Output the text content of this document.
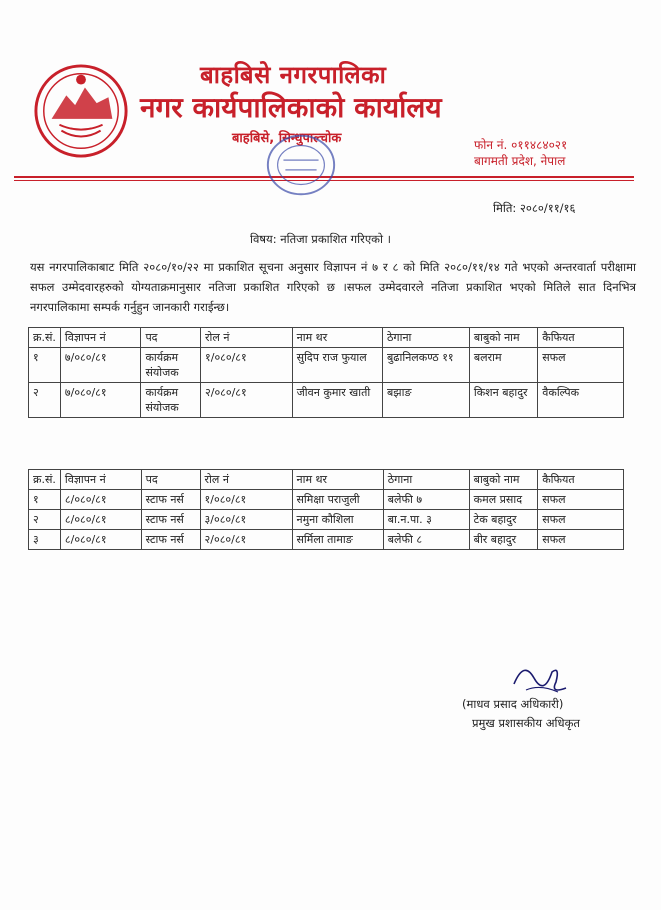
बाहबिसे नगरपालिका
नगर कार्यपालिकाको कार्यालय
बाहबिसे, सिन्धुपाल्चोक	फोन नं. ०११४८४०२१
बागमती प्रदेश, नेपाल
मिति: २०८०/११/१६
विषय: नतिजा प्रकाशित गरिएको ।
यस नगरपालिकाबाट मिति २०८०/१०/२२ मा प्रकाशित सूचना अनुसार विज्ञापन नं ७ र ८ को मिति २०८०/११/१४ गते भएको अन्तरवार्ता परीक्षामा सफल उम्मेदवारहरुको योग्यताक्रमानुसार नतिजा प्रकाशित गरिएको छ ।सफल उम्मेदवारले नतिजा प्रकाशित भएको मितिले सात दिनभित्र नगरपालिकामा सम्पर्क गर्नुहुन जानकारी गराईन्छ।
क्र.सं.	विज्ञापन नं	पद	रोल नं	नाम थर	ठेगाना	बाबुको नाम	कैफियत
१	७/०८०/८१	कार्यक्रम संयोजक	१/०८०/८१	सुदिप राज फुयाल	बुढानिलकण्ठ ११	बलराम	सफल
२	७/०८०/८१	कार्यक्रम संयोजक	२/०८०/८१	जीवन कुमार खाती	बझाङ	किशन बहादुर	वैकल्पिक
क्र.सं.	विज्ञापन नं	पद	रोल नं	नाम थर	ठेगाना	बाबुको नाम	कैफियत
१	८/०८०/८१	स्टाफ नर्स	१/०८०/८१	समिक्षा पराजुली	बलेफी ७	कमल प्रसाद	सफल
२	८/०८०/८१	स्टाफ नर्स	३/०८०/८१	नमुना कौशिला	बा.न.पा. ३	टेक बहादुर	सफल
३	८/०८०/८१	स्टाफ नर्स	२/०८०/८१	सर्मिला तामाङ	बलेफी ८	बीर बहादुर	सफल
(माधव प्रसाद अधिकारी)
प्रमुख प्रशासकीय अधिकृत
